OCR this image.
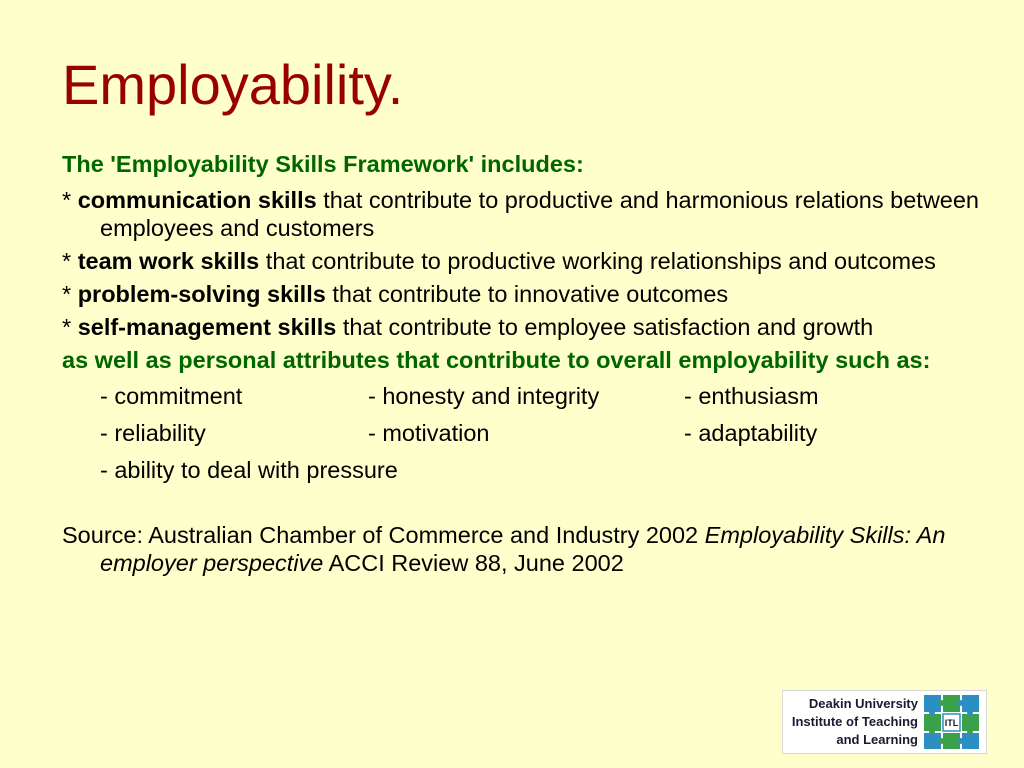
Employability.

The 'Employability Skills Framework' includes:

* communication skills that contribute to productive and harmonious relations between employees and customers

* team work skills that contribute to productive working relationships and outcomes

* problem-solving skills that contribute to innovative outcomes

* self-management skills that contribute to employee satisfaction and growth

as well as personal attributes that contribute to overall employability such as:

- commitment	- honesty and integrity	- enthusiasm
- reliability	- motivation	- adaptability
- ability to deal with pressure

Source: Australian Chamber of Commerce and Industry 2002 Employability Skills: An employer perspective ACCI Review 88, June 2002

Deakin University
Institute of Teaching
and Learning
ITL
